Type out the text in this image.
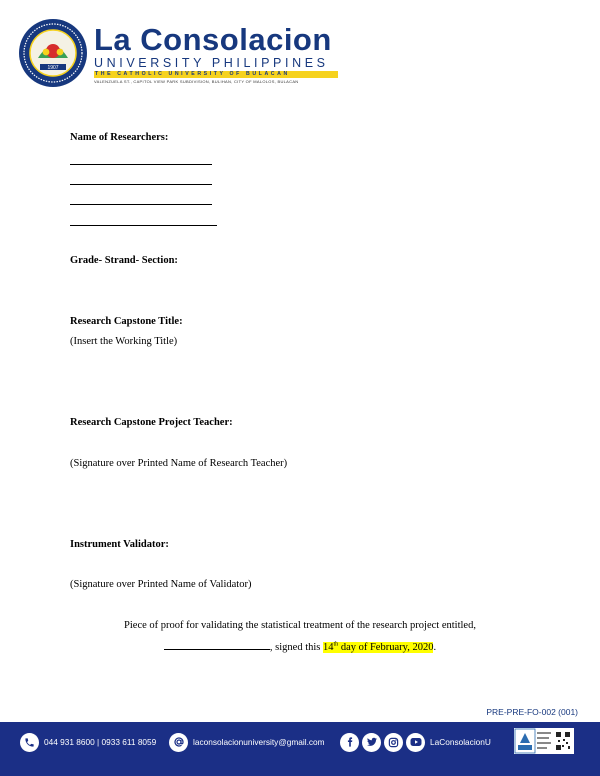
1907
La Consolacion
UNIVERSITY PHILIPPINES
THE CATHOLIC UNIVERSITY OF BULACAN
VALENZUELA ST., CAPITOL VIEW PARK SUBDIVISION, BULIHAN, CITY OF MALOLOS, BULACAN
Name of Researchers:
Grade- Strand- Section:
Research Capstone Title:
(Insert the Working Title)
Research Capstone Project Teacher:
(Signature over Printed Name of Research Teacher)
Instrument Validator:
(Signature over Printed Name of Validator)
Piece of proof for validating the statistical treatment of the research project entitled,
, signed this 14th day of February, 2020.
PRE-PRE-FO-002 (001)
044 931 8600 | 0933 611 8059	laconsolacionuniversity@gmail.com	LaConsolacionU
